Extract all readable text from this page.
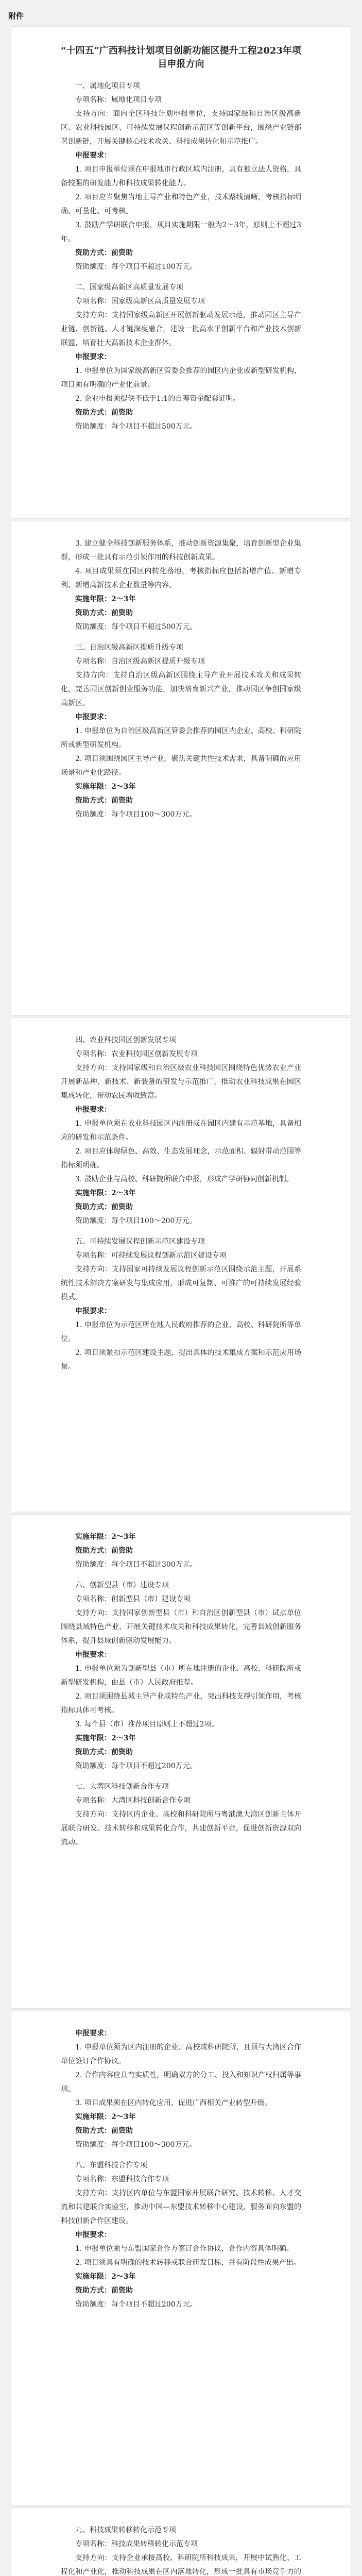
附件
“十四五”广西科技计划项目创新功能区提升工程2023年项目申报方向

一、属地化项目专项

专项名称：属地化项目专项

支持方向：面向全区科技计划申报单位，支持国家级和自治区级高新区、农业科技园区、可持续发展议程创新示范区等创新平台，围绕产业链部署创新链，开展关键核心技术攻关、科技成果转化和示范推广。

申报要求：

1. 项目申报单位须在申报地市行政区域内注册，具有独立法人资格，具备较强的研发能力和科技成果转化能力。

2. 项目应当聚焦当地主导产业和特色产业，技术路线清晰，考核指标明确、可量化、可考核。

3. 鼓励产学研联合申报，项目实施期限一般为2～3年，原则上不超过3年。

资助方式：前资助

资助额度：每个项目不超过100万元。

二、国家级高新区高质量发展专项

专项名称：国家级高新区高质量发展专项

支持方向：支持国家级高新区开展创新驱动发展示范，推动园区主导产业链、创新链、人才链深度融合，建设一批高水平创新平台和产业技术创新联盟，培育壮大高新技术企业群体。

申报要求：

1. 申报单位为国家级高新区管委会推荐的园区内企业或新型研发机构，项目须有明确的产业化前景。

2. 企业申报须提供不低于1:1的自筹资金配套证明。

资助方式：前资助

资助额度：每个项目不超过500万元。

3. 建立健全科技创新服务体系，推动创新资源集聚，培育创新型企业集群，形成一批具有示范引领作用的科技创新成果。

4. 项目成果须在园区内转化落地，考核指标应包括新增产值、新增专利、新增高新技术企业数量等内容。

实施年限：2～3年

资助方式：前资助

资助额度：每个项目不超过500万元。

三、自治区级高新区提质升级专项

专项名称：自治区级高新区提质升级专项

支持方向：支持自治区级高新区围绕主导产业开展技术攻关和成果转化，完善园区创新创业服务功能，加快培育新兴产业，推动园区争创国家级高新区。

申报要求：

1. 申报单位为自治区级高新区管委会推荐的园区内企业、高校、科研院所或新型研发机构。

2. 项目须围绕园区主导产业，聚焦关键共性技术需求，具备明确的应用场景和产业化路径。

实施年限：2～3年

资助方式：前资助

资助额度：每个项目100～300万元。

四、农业科技园区创新发展专项

专项名称：农业科技园区创新发展专项

支持方向：支持国家级和自治区级农业科技园区围绕特色优势农业产业开展新品种、新技术、新装备的研发与示范推广，推动农业科技成果在园区集成转化，带动农民增收致富。

申报要求：

1. 申报单位须在农业科技园区内注册或在园区内建有示范基地，具备相应的研发和示范条件。

2. 项目应体现绿色、高效、生态发展理念，示范面积、辐射带动范围等指标须明确。

3. 鼓励企业与高校、科研院所联合申报，形成产学研协同创新机制。

实施年限：2～3年

资助方式：前资助

资助额度：每个项目100～200万元。

五、可持续发展议程创新示范区建设专项

专项名称：可持续发展议程创新示范区建设专项

支持方向：支持国家可持续发展议程创新示范区围绕示范主题，开展系统性技术解决方案研发与集成应用，形成可复制、可推广的可持续发展经验模式。

申报要求：

1. 申报单位为示范区所在地人民政府推荐的企业、高校、科研院所等单位。

2. 项目须紧扣示范区建设主题，提出具体的技术集成方案和示范应用场景。

实施年限：2～3年

资助方式：前资助

资助额度：每个项目不超过300万元。

六、创新型县（市）建设专项

专项名称：创新型县（市）建设专项

支持方向：支持国家创新型县（市）和自治区创新型县（市）试点单位围绕县域特色产业，开展关键技术攻关和科技成果转化，完善县域创新服务体系，提升县域创新驱动发展能力。

申报要求：

1. 申报单位须为创新型县（市）所在地注册的企业、高校、科研院所或新型研发机构，由县（市）人民政府推荐。

2. 项目须围绕县域主导产业或特色产业，突出科技支撑引领作用，考核指标具体可考核。

3. 每个县（市）推荐项目原则上不超过2项。

实施年限：2～3年

资助方式：前资助

资助额度：每个项目不超过200万元。

七、大湾区科技创新合作专项

专项名称：大湾区科技创新合作专项

支持方向：支持区内企业、高校和科研院所与粤港澳大湾区创新主体开展联合研发、技术转移和成果转化合作，共建创新平台，促进创新资源双向流动。

申报要求：

1. 申报单位须为区内注册的企业、高校或科研院所，且须与大湾区合作单位签订合作协议。

2. 合作内容应具有实质性，明确双方的分工、投入和知识产权归属等事项。

3. 项目成果须在区内转化应用，促进广西相关产业转型升级。

实施年限：2～3年

资助方式：前资助

资助额度：每个项目100～300万元。

八、东盟科技合作专项

专项名称：东盟科技合作专项

支持方向：支持区内单位与东盟国家开展联合研究、技术转移、人才交流和共建联合实验室，推动中国—东盟技术转移中心建设，服务面向东盟的科技创新合作区建设。

申报要求：

1. 申报单位须与东盟国家合作方签订合作协议，合作内容具体明确。

2. 项目须具有明确的技术转移或联合研发目标，并有阶段性成果产出。

实施年限：2～3年

资助方式：前资助

资助额度：每个项目不超过200万元。

九、科技成果转移转化示范专项

专项名称：科技成果转移转化示范专项

支持方向：支持企业承接高校、科研院所科技成果，开展中试熟化、工程化和产业化，推动科技成果在区内落地转化，形成一批具有市场竞争力的
